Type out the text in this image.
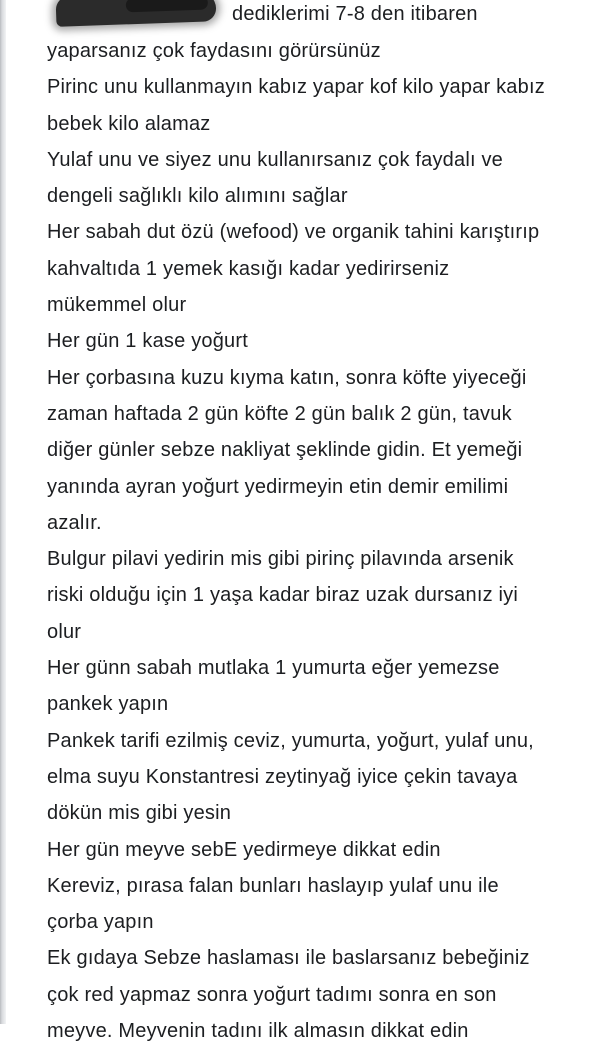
dediklerimi 7-8 den itibaren
yaparsanız çok faydasını görürsünüz
Pirinc unu kullanmayın kabız yapar kof kilo yapar kabız
bebek kilo alamaz
Yulaf unu ve siyez unu kullanırsanız çok faydalı ve
dengeli sağlıklı kilo alımını sağlar
Her sabah dut özü (wefood) ve organik tahini karıştırıp
kahvaltıda 1 yemek kasığı kadar yedirirseniz
mükemmel olur
Her gün 1 kase yoğurt
Her çorbasına kuzu kıyma katın, sonra köfte yiyeceği
zaman haftada 2 gün köfte 2 gün balık 2 gün, tavuk
diğer günler sebze nakliyat şeklinde gidin. Et yemeği
yanında ayran yoğurt yedirmeyin etin demir emilimi
azalır.
Bulgur pilavi yedirin mis gibi pirinç pilavında arsenik
riski olduğu için 1 yaşa kadar biraz uzak dursanız iyi
olur
Her günn sabah mutlaka 1 yumurta eğer yemezse
pankek yapın
Pankek tarifi ezilmiş ceviz, yumurta, yoğurt, yulaf unu,
elma suyu Konstantresi zeytinyağ iyice çekin tavaya
dökün mis gibi yesin
Her gün meyve sebE yedirmeye dikkat edin
Kereviz, pırasa falan bunları haslayıp yulaf unu ile
çorba yapın
Ek gıdaya Sebze haslaması ile baslarsanız bebeğiniz
çok red yapmaz sonra yoğurt tadımı sonra en son
meyve. Meyvenin tadını ilk almasın dikkat edin
